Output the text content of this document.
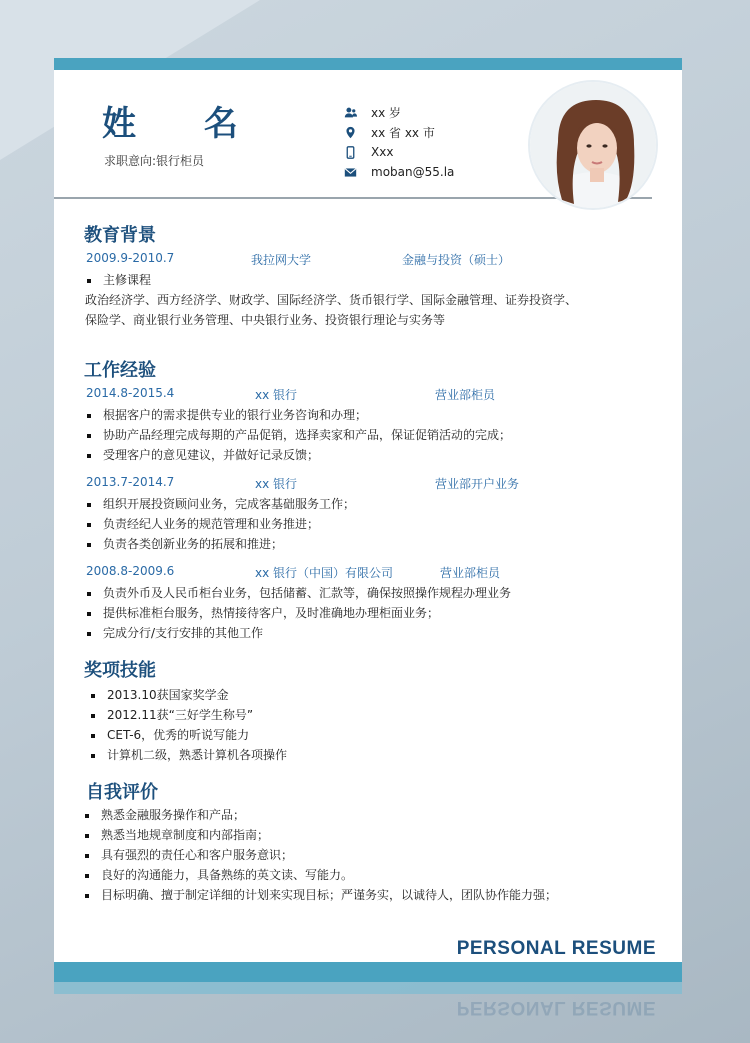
姓 名
求职意向:银行柜员
xx 岁
xx 省 xx 市
Xxx
moban@55.la
教育背景
2009.9-2010.7	我拉网大学	金融与投资（硕士）
主修课程
政治经济学、西方经济学、财政学、国际经济学、货币银行学、国际金融管理、证券投资学、
保险学、商业银行业务管理、中央银行业务、投资银行理论与实务等
工作经验
2014.8-2015.4	xx 银行	营业部柜员
根据客户的需求提供专业的银行业务咨询和办理；
协助产品经理完成每期的产品促销，选择卖家和产品，保证促销活动的完成；
受理客户的意见建议，并做好记录反馈；
2013.7-2014.7	xx 银行	营业部开户业务
组织开展投资顾问业务，完成客基础服务工作；
负责经纪人业务的规范管理和业务推进；
负责各类创新业务的拓展和推进；
2008.8-2009.6	xx 银行（中国）有限公司	营业部柜员
负责外币及人民币柜台业务，包括储蓄、汇款等，确保按照操作规程办理业务
提供标准柜台服务，热情接待客户，及时准确地办理柜面业务；
完成分行/支行安排的其他工作
奖项技能
2013.10获国家奖学金
2012.11获“三好学生称号”
CET-6，优秀的听说写能力
计算机二级，熟悉计算机各项操作
自我评价
熟悉金融服务操作和产品；
熟悉当地规章制度和内部指南；
具有强烈的责任心和客户服务意识；
良好的沟通能力，具备熟练的英文读、写能力。
目标明确、擅于制定详细的计划来实现目标；严谨务实，以诚待人，团队协作能力强；
PERSONAL RESUME
PERSONAL RESUME
